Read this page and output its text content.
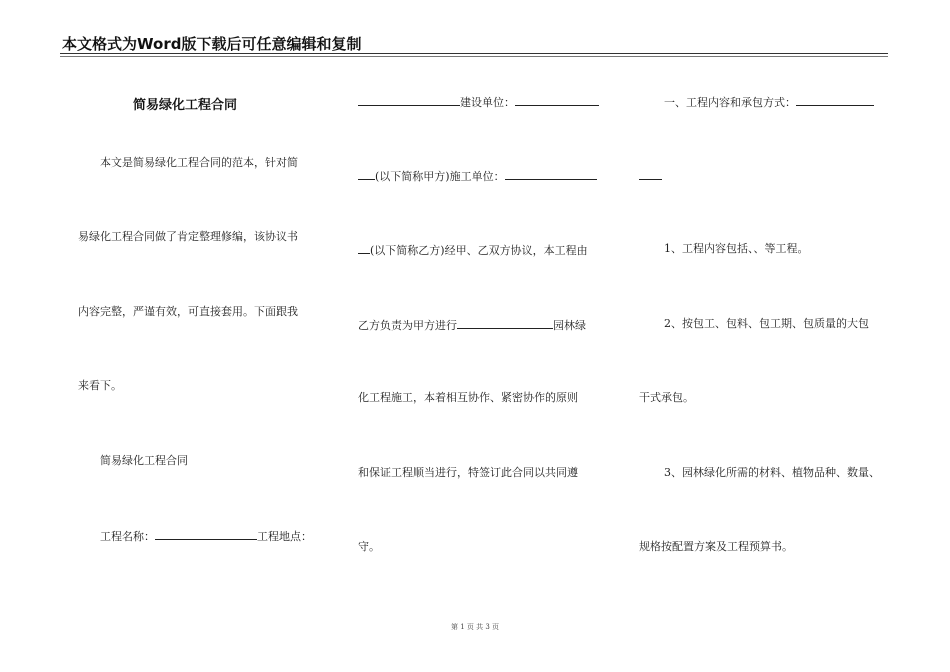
本文格式为Word版下载后可任意编辑和复制
简易绿化工程合同
本文是简易绿化工程合同的范本，针对简
易绿化工程合同做了肯定整理修编，该协议书
内容完整，严谨有效，可直接套用。下面跟我
来看下。
简易绿化工程合同
工程名称：	工程地点：
建设单位：
(以下简称甲方)施工单位：
(以下简称乙方)经甲、乙双方协议，本工程由
乙方负责为甲方进行	园林绿
化工程施工，本着相互协作、紧密协作的原则
和保证工程顺当进行，特签订此合同以共同遵
守。
一、工程内容和承包方式：
1、工程内容包括、、等工程。
2、按包工、包料、包工期、包质量的大包
干式承包。
3、园林绿化所需的材料、植物品种、数量、
规格按配置方案及工程预算书。
第 1 页 共 3 页
